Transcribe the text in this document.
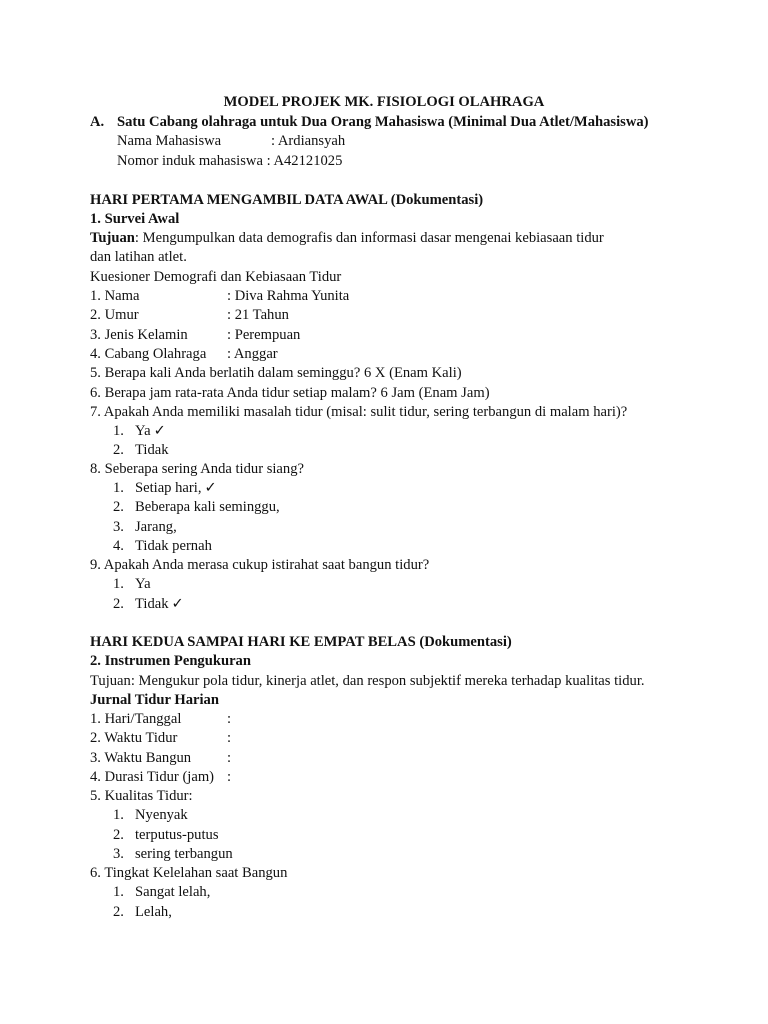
MODEL PROJEK MK. FISIOLOGI OLAHRAGA
A. Satu Cabang olahraga untuk Dua Orang Mahasiswa (Minimal Dua Atlet/Mahasiswa)
Nama Mahasiswa	: Ardiansyah
Nomor induk mahasiswa : A42121025
HARI PERTAMA MENGAMBIL DATA AWAL (Dokumentasi)
1. Survei Awal
Tujuan: Mengumpulkan data demografis dan informasi dasar mengenai kebiasaan tidur
dan latihan atlet.
Kuesioner Demografi dan Kebiasaan Tidur
1. Nama	: Diva Rahma Yunita
2. Umur	: 21 Tahun
3. Jenis Kelamin	: Perempuan
4. Cabang Olahraga : Anggar
5. Berapa kali Anda berlatih dalam seminggu? 6 X (Enam Kali)
6. Berapa jam rata-rata Anda tidur setiap malam? 6 Jam (Enam Jam)
7. Apakah Anda memiliki masalah tidur (misal: sulit tidur, sering terbangun di malam hari)?
1. Ya ✓
2. Tidak
8. Seberapa sering Anda tidur siang?
1. Setiap hari, ✓
2. Beberapa kali seminggu,
3. Jarang,
4. Tidak pernah
9. Apakah Anda merasa cukup istirahat saat bangun tidur?
1. Ya
2. Tidak ✓
HARI KEDUA SAMPAI HARI KE EMPAT BELAS (Dokumentasi)
2. Instrumen Pengukuran
Tujuan: Mengukur pola tidur, kinerja atlet, dan respon subjektif mereka terhadap kualitas tidur.
Jurnal Tidur Harian
1. Hari/Tanggal	:
2. Waktu Tidur	:
3. Waktu Bangun :
4. Durasi Tidur (jam) :
5. Kualitas Tidur:
1. Nyenyak
2. terputus-putus
3. sering terbangun
6. Tingkat Kelelahan saat Bangun
1. Sangat lelah,
2. Lelah,
